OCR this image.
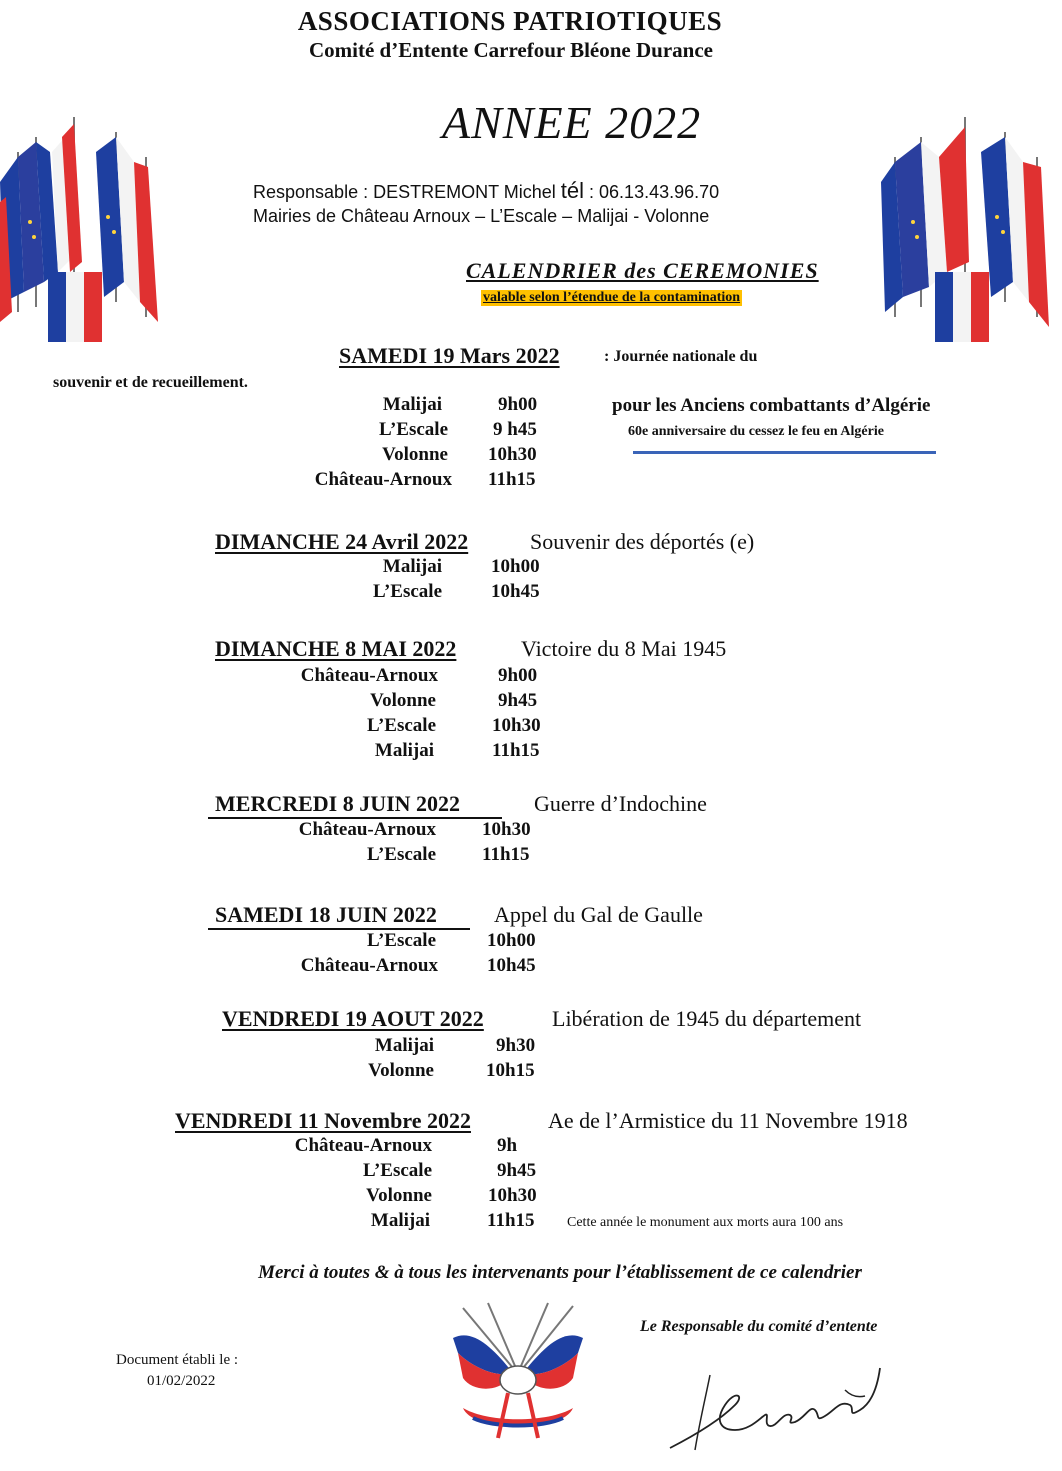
ASSOCIATIONS PATRIOTIQUES
Comité d’Entente Carrefour Bléone Durance
ANNEE 2022
Responsable : DESTREMONT Michel tél : 06.13.43.96.70
Mairies de Château Arnoux – L’Escale – Malijai - Volonne
CALENDRIER des CEREMONIES
valable selon l’étendue de la contamination
SAMEDI 19 Mars 2022	: Journée nationale du
souvenir et de recueillement.
Malijai	9h00
L’Escale 9 h45
Volonne 10h30
Château-Arnoux 11h15
pour les Anciens combattants d’Algérie
60e anniversaire du cessez le feu en Algérie
DIMANCHE 24 Avril 2022	Souvenir des déportés (e)
Malijai	10h00
L’Escale	10h45
DIMANCHE 8 MAI 2022	Victoire du 8 Mai 1945
Château-Arnoux	9h00
Volonne	9h45
L’Escale	10h30
Malijai	11h15
MERCREDI 8 JUIN 2022	Guerre d’Indochine
Château-Arnoux 10h30
L’Escale 11h15
SAMEDI 18 JUIN 2022	Appel du Gal de Gaulle
L’Escale	10h00
Château-Arnoux	10h45
VENDREDI 19 AOUT 2022	Libération de 1945 du département
Malijai	9h30
Volonne	10h15
VENDREDI 11 Novembre 2022	Ae de l’Armistice du 11 Novembre 1918
Château-Arnoux	9h
L’Escale	9h45
Volonne	10h30
Malijai	11h15 Cette année le monument aux morts aura 100 ans
Merci à toutes & à tous les intervenants pour l’établissement de ce calendrier
Document établi le :
01/02/2022
Le Responsable du comité d’entente
